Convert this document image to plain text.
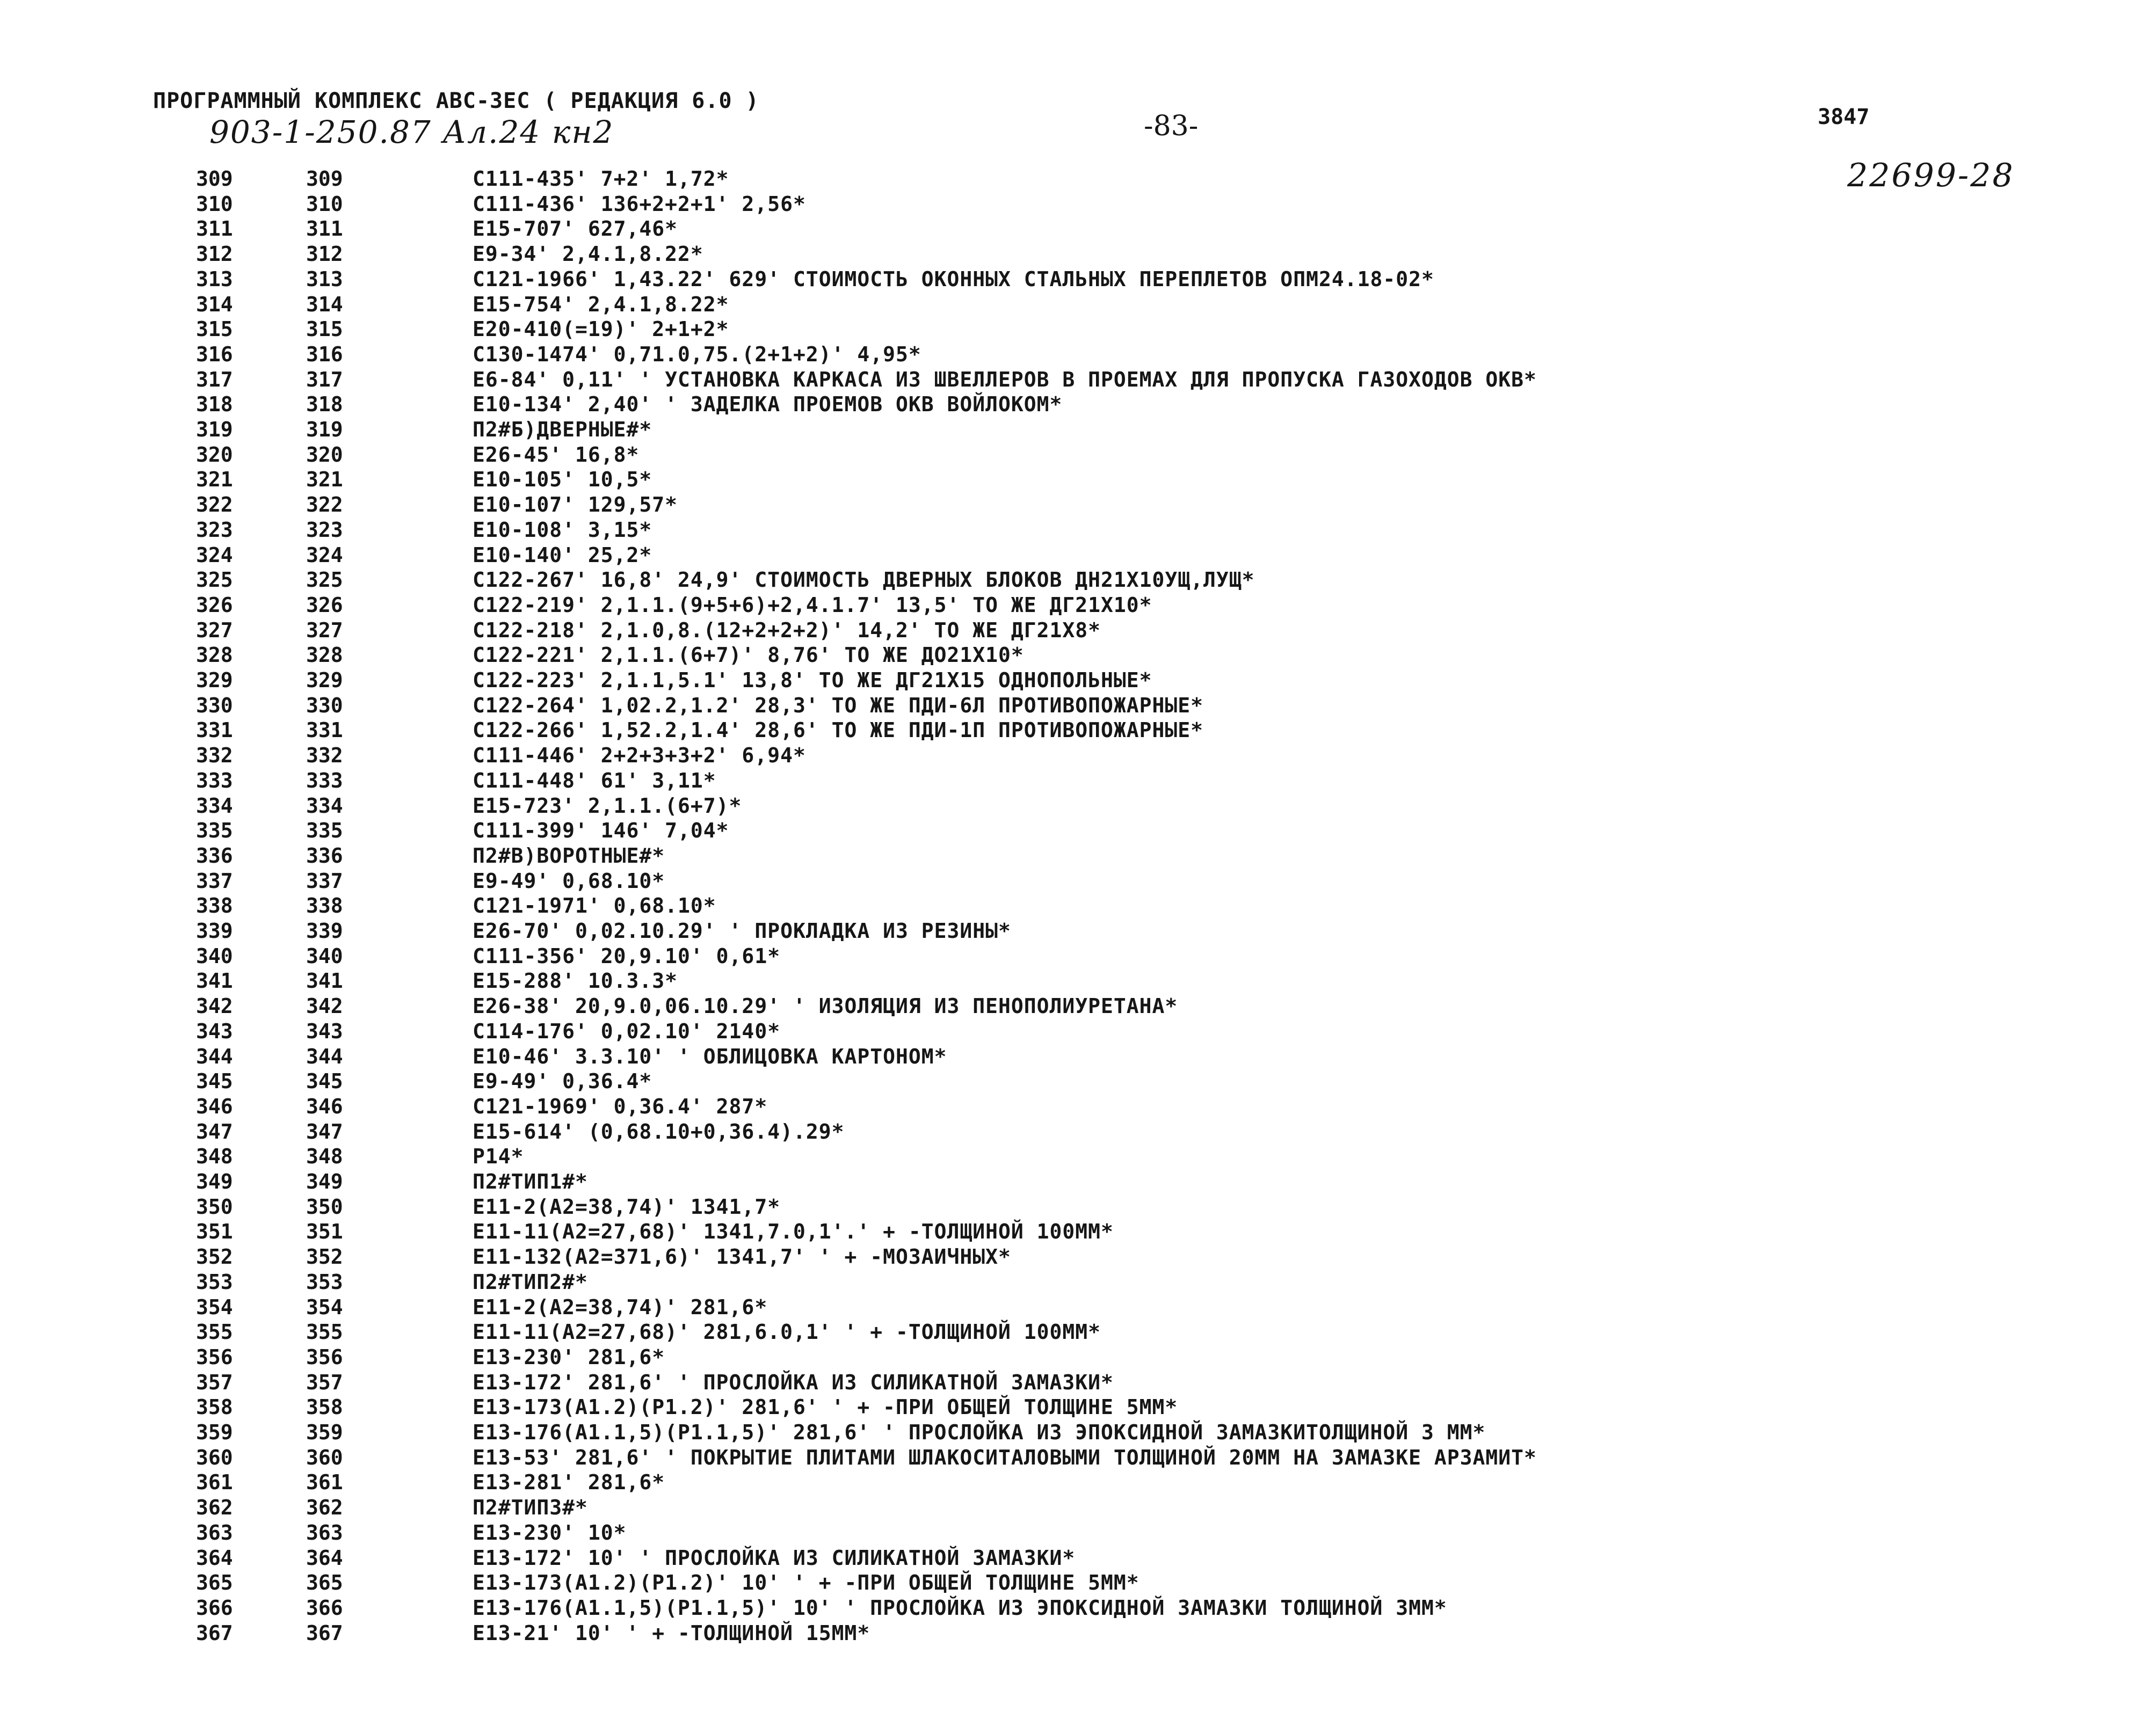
ПРОГРАММНЫЙ КОМПЛЕКС ABC-3EC ( РЕДАКЦИЯ 6.0 )
903-1-250.87 Ал.24 кн2	-83-	3847
22699-28
309	309	С111-435' 7+2' 1,72*
310	310	С111-436' 136+2+2+1' 2,56*
311	311	Е15-707' 627,46*
312	312	Е9-34' 2,4.1,8.22*
313	313	С121-1966' 1,43.22' 629' СТОИМОСТЬ ОКОННЫХ СТАЛЬНЫХ ПЕРЕПЛЕТОВ ОПМ24.18-02*
314	314	Е15-754' 2,4.1,8.22*
315	315	Е20-410(=19)' 2+1+2*
316	316	С130-1474' 0,71.0,75.(2+1+2)' 4,95*
317	317	Е6-84' 0,11' ' УСТАНОВКА КАРКАСА ИЗ ШВЕЛЛЕРОВ В ПРОЕМАХ ДЛЯ ПРОПУСКА ГАЗОХОДОВ ОКВ*
318	318	Е10-134' 2,40' ' ЗАДЕЛКА ПРОЕМОВ ОКВ ВОЙЛОКОМ*
319	319	П2#Б)ДВЕРНЫЕ#*
320	320	Е26-45' 16,8*
321	321	Е10-105' 10,5*
322	322	Е10-107' 129,57*
323	323	Е10-108' 3,15*
324	324	Е10-140' 25,2*
325	325	С122-267' 16,8' 24,9' СТОИМОСТЬ ДВЕРНЫХ БЛОКОВ ДН21Х10УЩ,ЛУЩ*
326	326	С122-219' 2,1.1.(9+5+6)+2,4.1.7' 13,5' ТО ЖЕ ДГ21Х10*
327	327	С122-218' 2,1.0,8.(12+2+2+2)' 14,2' ТО ЖЕ ДГ21Х8*
328	328	С122-221' 2,1.1.(6+7)' 8,76' ТО ЖЕ ДО21Х10*
329	329	С122-223' 2,1.1,5.1' 13,8' ТО ЖЕ ДГ21Х15 ОДНОПОЛЬНЫЕ*
330	330	С122-264' 1,02.2,1.2' 28,3' ТО ЖЕ ПДИ-6Л ПРОТИВОПОЖАРНЫЕ*
331	331	С122-266' 1,52.2,1.4' 28,6' ТО ЖЕ ПДИ-1П ПРОТИВОПОЖАРНЫЕ*
332	332	С111-446' 2+2+3+3+2' 6,94*
333	333	С111-448' 61' 3,11*
334	334	Е15-723' 2,1.1.(6+7)*
335	335	С111-399' 146' 7,04*
336	336	П2#В)ВОРОТНЫЕ#*
337	337	Е9-49' 0,68.10*
338	338	С121-1971' 0,68.10*
339	339	Е26-70' 0,02.10.29' ' ПРОКЛАДКА ИЗ РЕЗИНЫ*
340	340	С111-356' 20,9.10' 0,61*
341	341	Е15-288' 10.3.3*
342	342	Е26-38' 20,9.0,06.10.29' ' ИЗОЛЯЦИЯ ИЗ ПЕНОПОЛИУРЕТАНА*
343	343	С114-176' 0,02.10' 2140*
344	344	Е10-46' 3.3.10' ' ОБЛИЦОВКА КАРТОНОМ*
345	345	Е9-49' 0,36.4*
346	346	С121-1969' 0,36.4' 287*
347	347	Е15-614' (0,68.10+0,36.4).29*
348	348	Р14*
349	349	П2#ТИП1#*
350	350	Е11-2(А2=38,74)' 1341,7*
351	351	Е11-11(А2=27,68)' 1341,7.0,1'.' + -ТОЛЩИНОЙ 100ММ*
352	352	Е11-132(А2=371,6)' 1341,7' ' + -МОЗАИЧНЫХ*
353	353	П2#ТИП2#*
354	354	Е11-2(А2=38,74)' 281,6*
355	355	Е11-11(А2=27,68)' 281,6.0,1' ' + -ТОЛЩИНОЙ 100ММ*
356	356	Е13-230' 281,6*
357	357	Е13-172' 281,6' ' ПРОСЛОЙКА ИЗ СИЛИКАТНОЙ ЗАМАЗКИ*
358	358	Е13-173(А1.2)(Р1.2)' 281,6' ' + -ПРИ ОБЩЕЙ ТОЛЩИНЕ 5ММ*
359	359	Е13-176(А1.1,5)(Р1.1,5)' 281,6' ' ПРОСЛОЙКА ИЗ ЭПОКСИДНОЙ ЗАМАЗКИТОЛЩИНОЙ 3 ММ*
360	360	Е13-53' 281,6' ' ПОКРЫТИЕ ПЛИТАМИ ШЛАКОСИТАЛОВЫМИ ТОЛЩИНОЙ 20ММ НА ЗАМАЗКЕ АРЗАМИТ*
361	361	Е13-281' 281,6*
362	362	П2#ТИП3#*
363	363	Е13-230' 10*
364	364	Е13-172' 10' ' ПРОСЛОЙКА ИЗ СИЛИКАТНОЙ ЗАМАЗКИ*
365	365	Е13-173(А1.2)(Р1.2)' 10' ' + -ПРИ ОБЩЕЙ ТОЛЩИНЕ 5ММ*
366	366	Е13-176(А1.1,5)(Р1.1,5)' 10' ' ПРОСЛОЙКА ИЗ ЭПОКСИДНОЙ ЗАМАЗКИ ТОЛЩИНОЙ 3ММ*
367	367	Е13-21' 10' ' + -ТОЛЩИНОЙ 15ММ*
